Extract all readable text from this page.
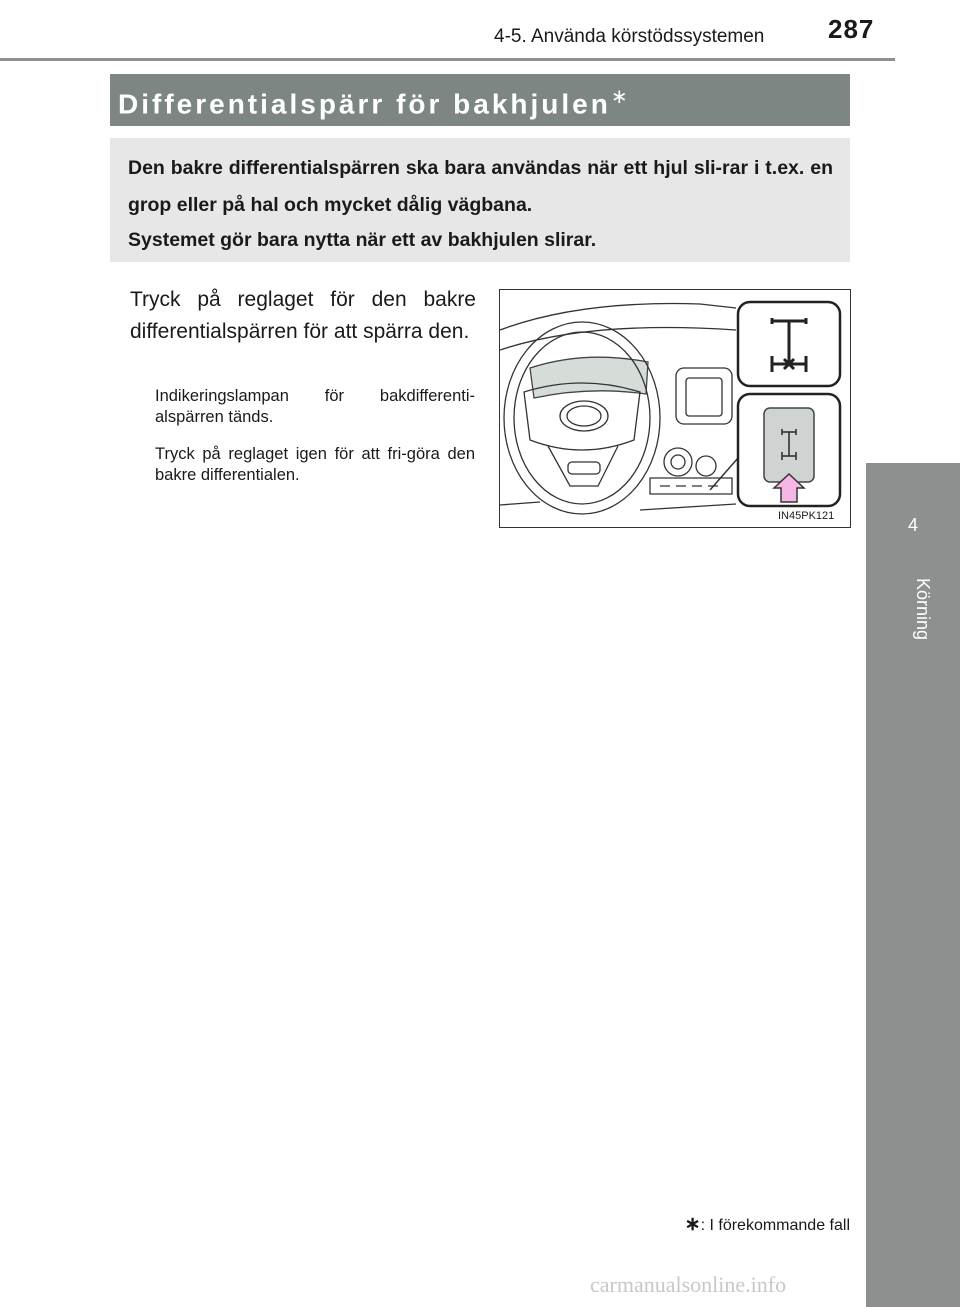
4-5. Använda körstödssystemen 287
4
Körning
Differentialspärr för bakhjulen∗
Den bakre differentialspärren ska bara användas när ett hjul sli-rar i t.ex. en grop eller på hal och mycket dålig vägbana.
Systemet gör bara nytta när ett av bakhjulen slirar.
Tryck på reglaget för den bakre differentialspärren för att spärra den.
Indikeringslampan för bakdifferenti-alspärren tänds.
Tryck på reglaget igen för att fri-göra den bakre differentialen.
IN45PK121
∗: I förekommande fall
carmanualsonline.info
